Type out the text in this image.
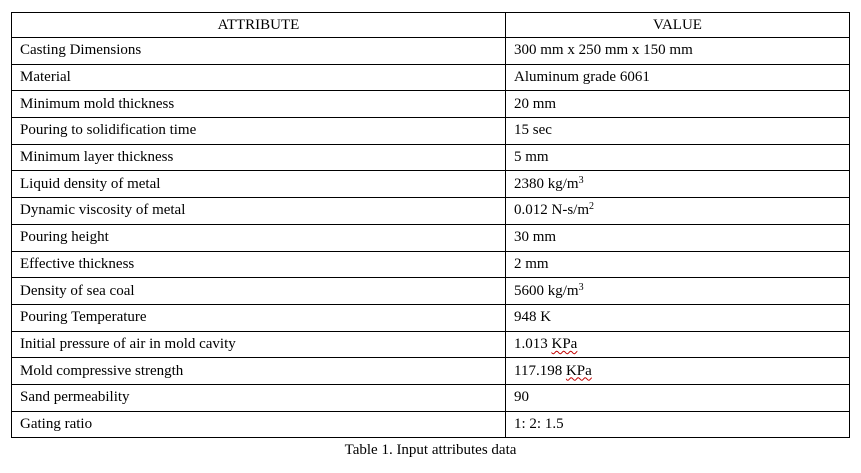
ATTRIBUTE	VALUE
Casting Dimensions	300 mm x 250 mm x 150 mm
Material	Aluminum grade 6061
Minimum mold thickness	20 mm
Pouring to solidification time	15 sec
Minimum layer thickness	5 mm
Liquid density of metal	2380 $kg/m^3$
Dynamic viscosity of metal	0.012 $N-s/m^2$
Pouring height	30 mm
Effective thickness	2 mm
Density of sea coal	5600 $kg/m^3$
Pouring Temperature	948 K
Initial pressure of air in mold cavity	1.013 KPa
Mold compressive strength	117.198 KPa
Sand permeability	90
Gating ratio	1: 2: 1.5
Table 1. Input attributes data
